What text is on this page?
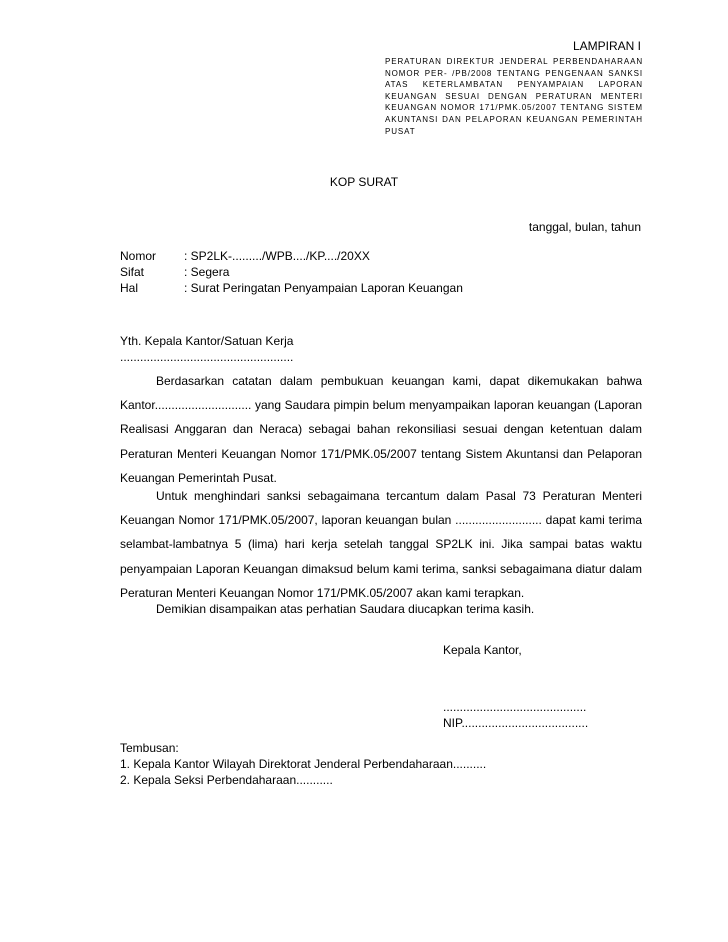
LAMPIRAN I
PERATURAN DIREKTUR JENDERAL PERBENDAHARAAN NOMOR PER- /PB/2008 TENTANG PENGENAAN SANKSI ATAS KETERLAMBATAN PENYAMPAIAN LAPORAN KEUANGAN SESUAI DENGAN PERATURAN MENTERI KEUANGAN NOMOR 171/PMK.05/2007 TENTANG SISTEM AKUNTANSI DAN PELAPORAN KEUANGAN PEMERINTAH PUSAT
KOP SURAT
tanggal, bulan, tahun
Nomor	: SP2LK-........./WPB..../KP..../20XX
Sifat	: Segera
Hal	: Surat Peringatan Penyampaian Laporan Keuangan
Yth. Kepala Kantor/Satuan Kerja
....................................................

Berdasarkan catatan dalam pembukuan keuangan kami, dapat dikemukakan bahwa Kantor............................. yang Saudara pimpin belum menyampaikan laporan keuangan (Laporan Realisasi Anggaran dan Neraca) sebagai bahan rekonsiliasi sesuai dengan ketentuan dalam Peraturan Menteri Keuangan Nomor 171/PMK.05/2007 tentang Sistem Akuntansi dan Pelaporan Keuangan Pemerintah Pusat.

Untuk menghindari sanksi sebagaimana tercantum dalam Pasal 73 Peraturan Menteri Keuangan Nomor 171/PMK.05/2007, laporan keuangan bulan .......................... dapat kami terima selambat-lambatnya 5 (lima) hari kerja setelah tanggal SP2LK ini. Jika sampai batas waktu penyampaian Laporan Keuangan dimaksud belum kami terima, sanksi sebagaimana diatur dalam Peraturan Menteri Keuangan Nomor 171/PMK.05/2007 akan kami terapkan.

Demikian disampaikan atas perhatian Saudara diucapkan terima kasih.

Kepala Kantor,
...........................................
NIP......................................
Tembusan:
1. Kepala Kantor Wilayah Direktorat Jenderal Perbendaharaan..........
2. Kepala Seksi Perbendaharaan...........
